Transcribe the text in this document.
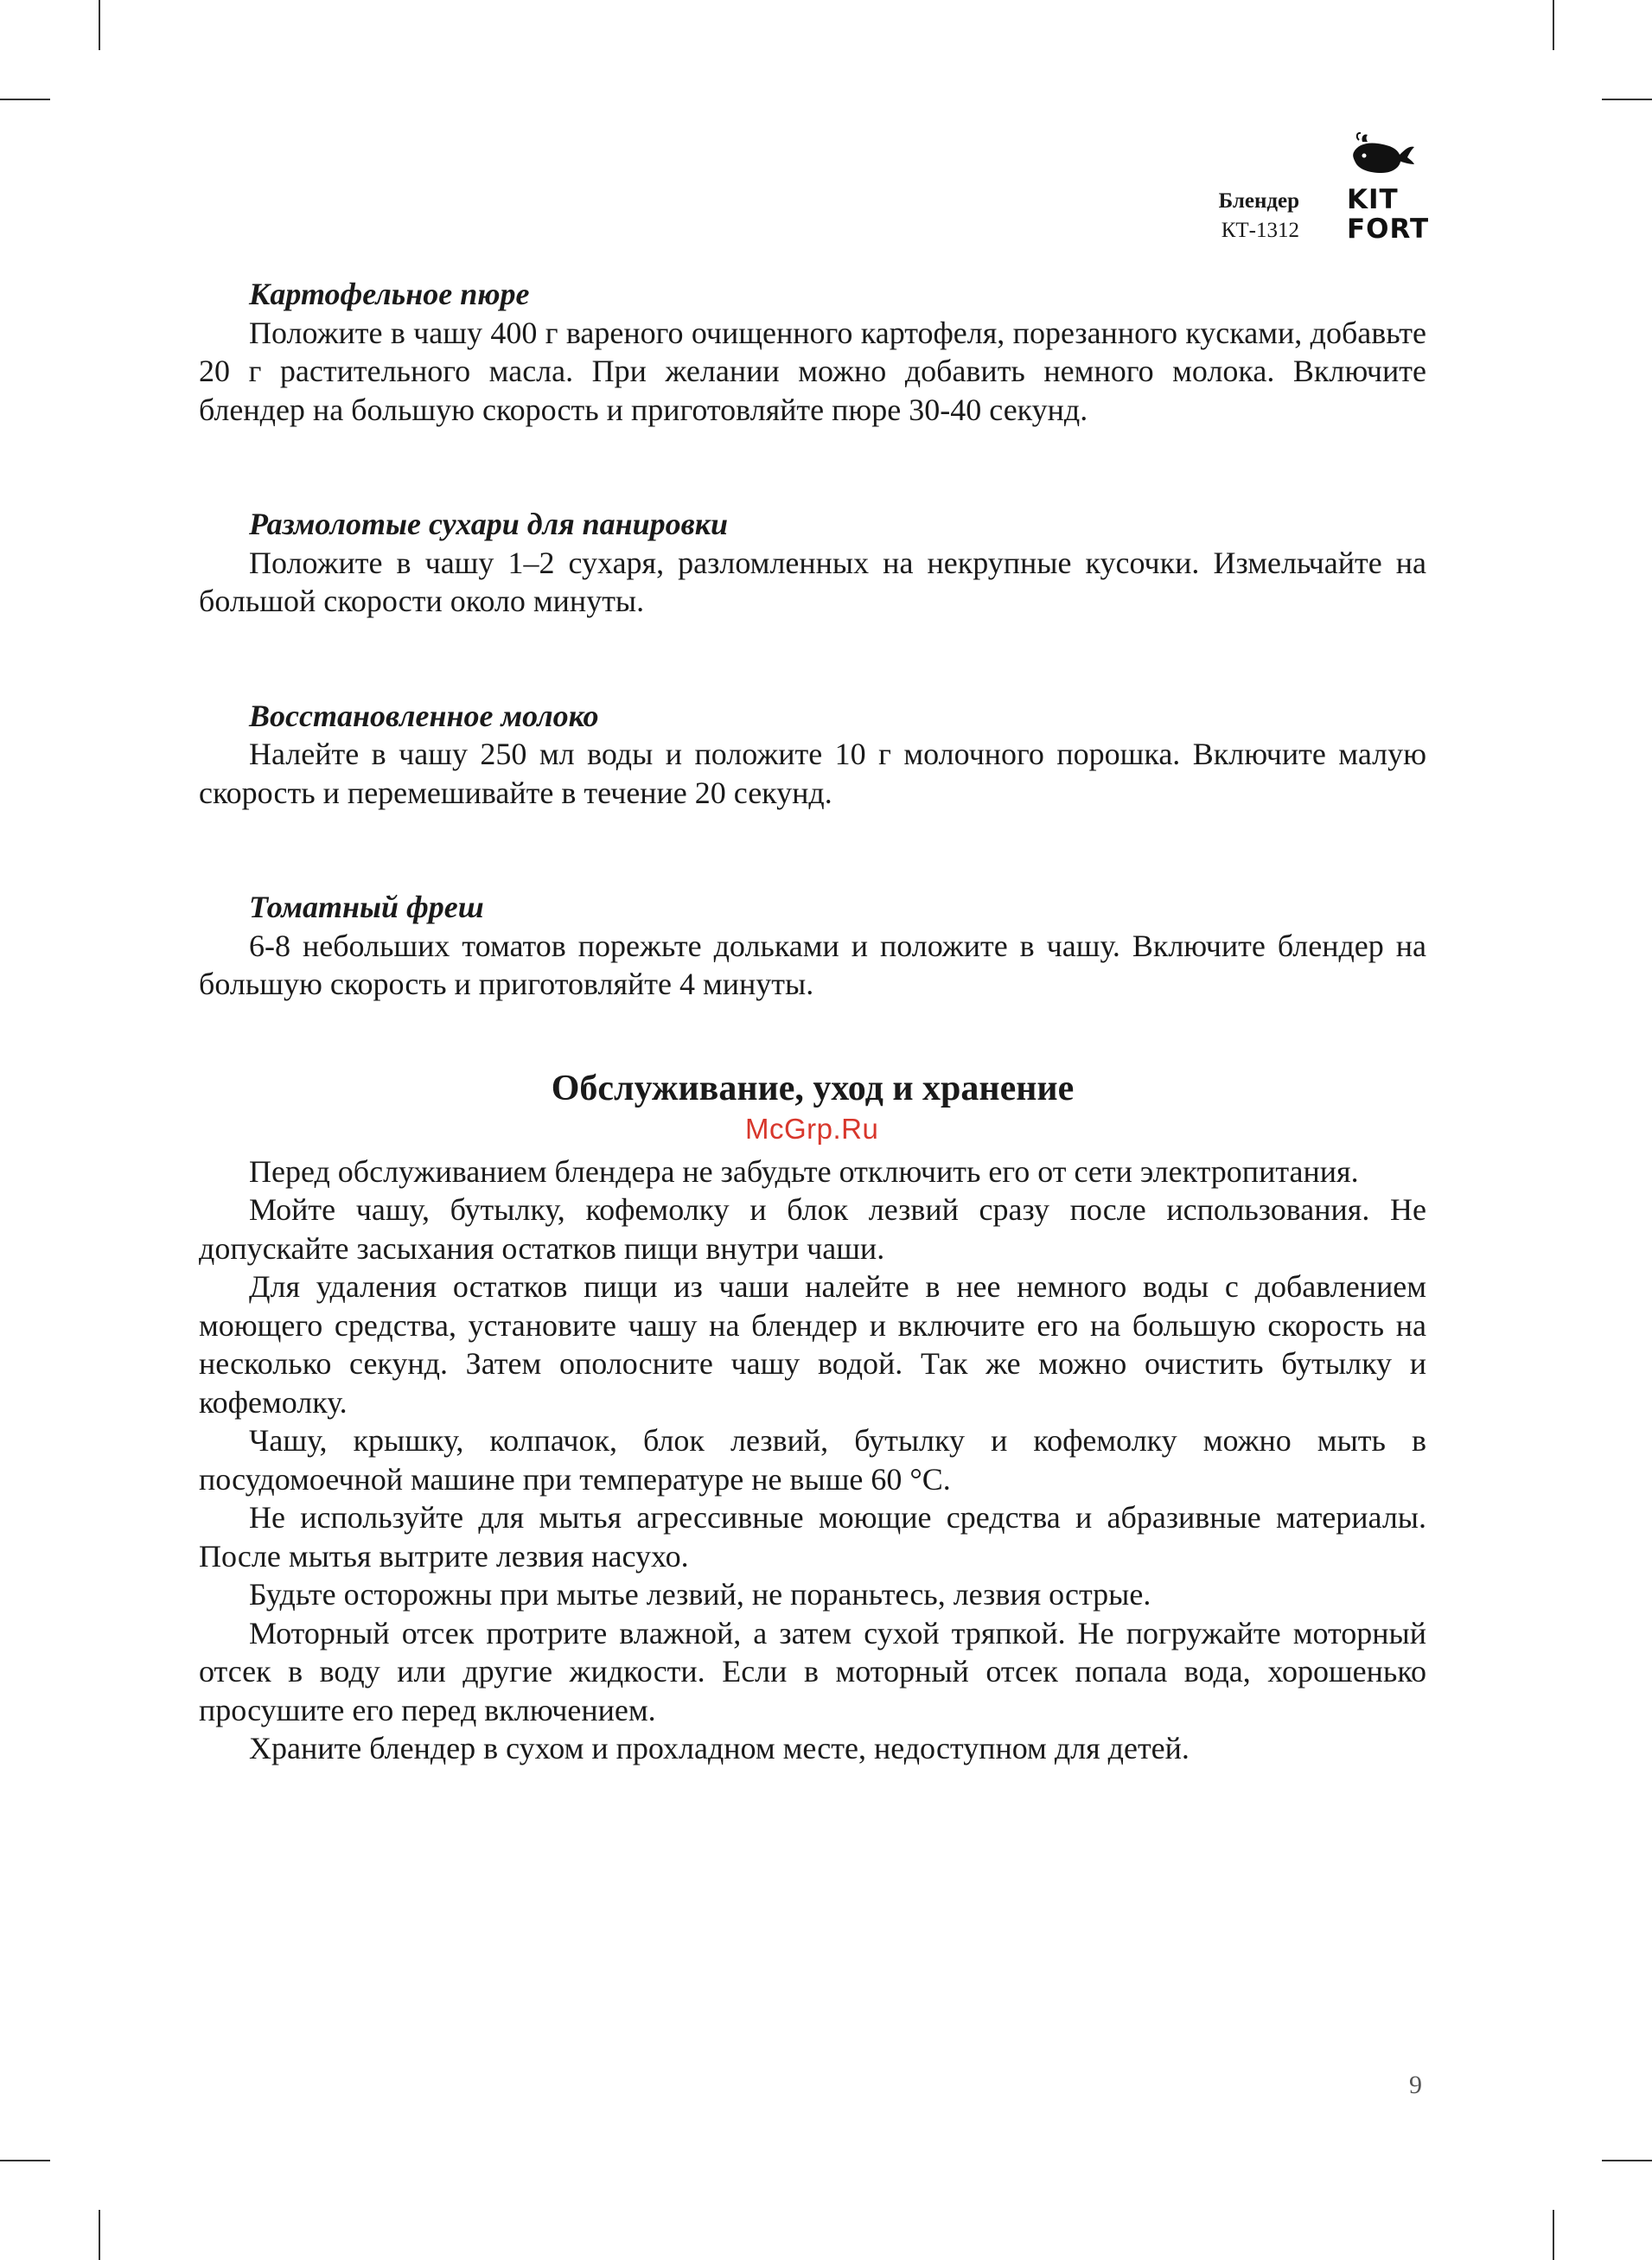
Блендер
КТ-1312
KIT
FORT
Картофельное пюре

Положите в чашу 400 г вареного очищенного картофеля, порезанного кусками, добавьте 20 г растительного масла. При желании можно добавить немного молока. Включите блендер на большую скорость и приготовляйте пюре 30-40 секунд.

Размолотые сухари для панировки

Положите в чашу 1–2 сухаря, разломленных на некрупные кусочки. Измельчайте на большой скорости около минуты.

Восстановленное молоко

Налейте в чашу 250 мл воды и положите 10 г молочного порошка. Включите малую скорость и перемешивайте в течение 20 секунд.

Томатный фреш

6-8 небольших томатов порежьте дольками и положите в чашу. Включите блендер на большую скорость и приготовляйте 4 минуты.

Обслуживание, уход и хранение

Перед обслуживанием блендера не забудьте отключить его от сети электропитания.

Мойте чашу, бутылку, кофемолку и блок лезвий сразу после использования. Не допускайте засыхания остатков пищи внутри чаши.

Для удаления остатков пищи из чаши налейте в нее немного воды с добавлением моющего средства, установите чашу на блендер и включите его на большую скорость на несколько секунд. Затем ополосните чашу водой. Так же можно очистить бутылку и кофемолку.

Чашу, крышку, колпачок, блок лезвий, бутылку и кофемолку можно мыть в посудомоечной машине при температуре не выше 60 °С.

Не используйте для мытья агрессивные моющие средства и абразивные материалы. После мытья вытрите лезвия насухо.

Будьте осторожны при мытье лезвий, не пораньтесь, лезвия острые.

Моторный отсек протрите влажной, а затем сухой тряпкой. Не погружайте моторный отсек в воду или другие жидкости. Если в моторный отсек попала вода, хорошенько просушите его перед включением.

Храните блендер в сухом и прохладном месте, недоступном для детей.

McGrp.Ru
9
